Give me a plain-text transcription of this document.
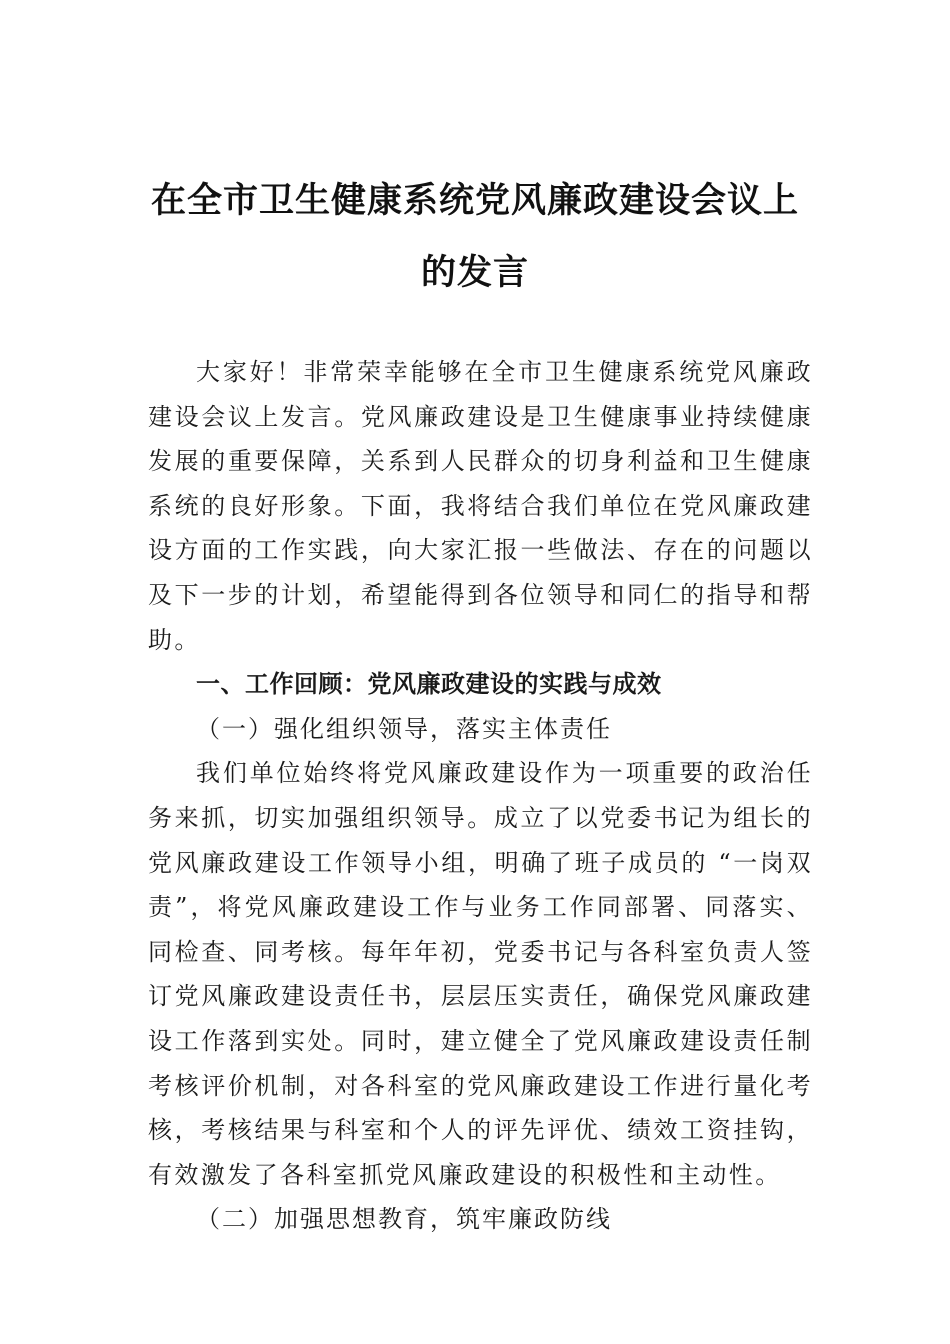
在全市卫生健康系统党风廉政建设会议上
的发言

大家好！非常荣幸能够在全市卫生健康系统党风廉政建设会议上发言。党风廉政建设是卫生健康事业持续健康发展的重要保障，关系到人民群众的切身利益和卫生健康系统的良好形象。下面，我将结合我们单位在党风廉政建设方面的工作实践，向大家汇报一些做法、存在的问题以及下一步的计划，希望能得到各位领导和同仁的指导和帮助。

一、工作回顾：党风廉政建设的实践与成效
（一）强化组织领导，落实主体责任

我们单位始终将党风廉政建设作为一项重要的政治任务来抓，切实加强组织领导。成立了以党委书记为组长的党风廉政建设工作领导小组，明确了班子成员的 “一岗双责”，将党风廉政建设工作与业务工作同部署、同落实、同检查、同考核。每年年初，党委书记与各科室负责人签订党风廉政建设责任书，层层压实责任，确保党风廉政建设工作落到实处。同时，建立健全了党风廉政建设责任制考核评价机制，对各科室的党风廉政建设工作进行量化考核，考核结果与科室和个人的评先评优、绩效工资挂钩，有效激发了各科室抓党风廉政建设的积极性和主动性。

（二）加强思想教育，筑牢廉政防线
